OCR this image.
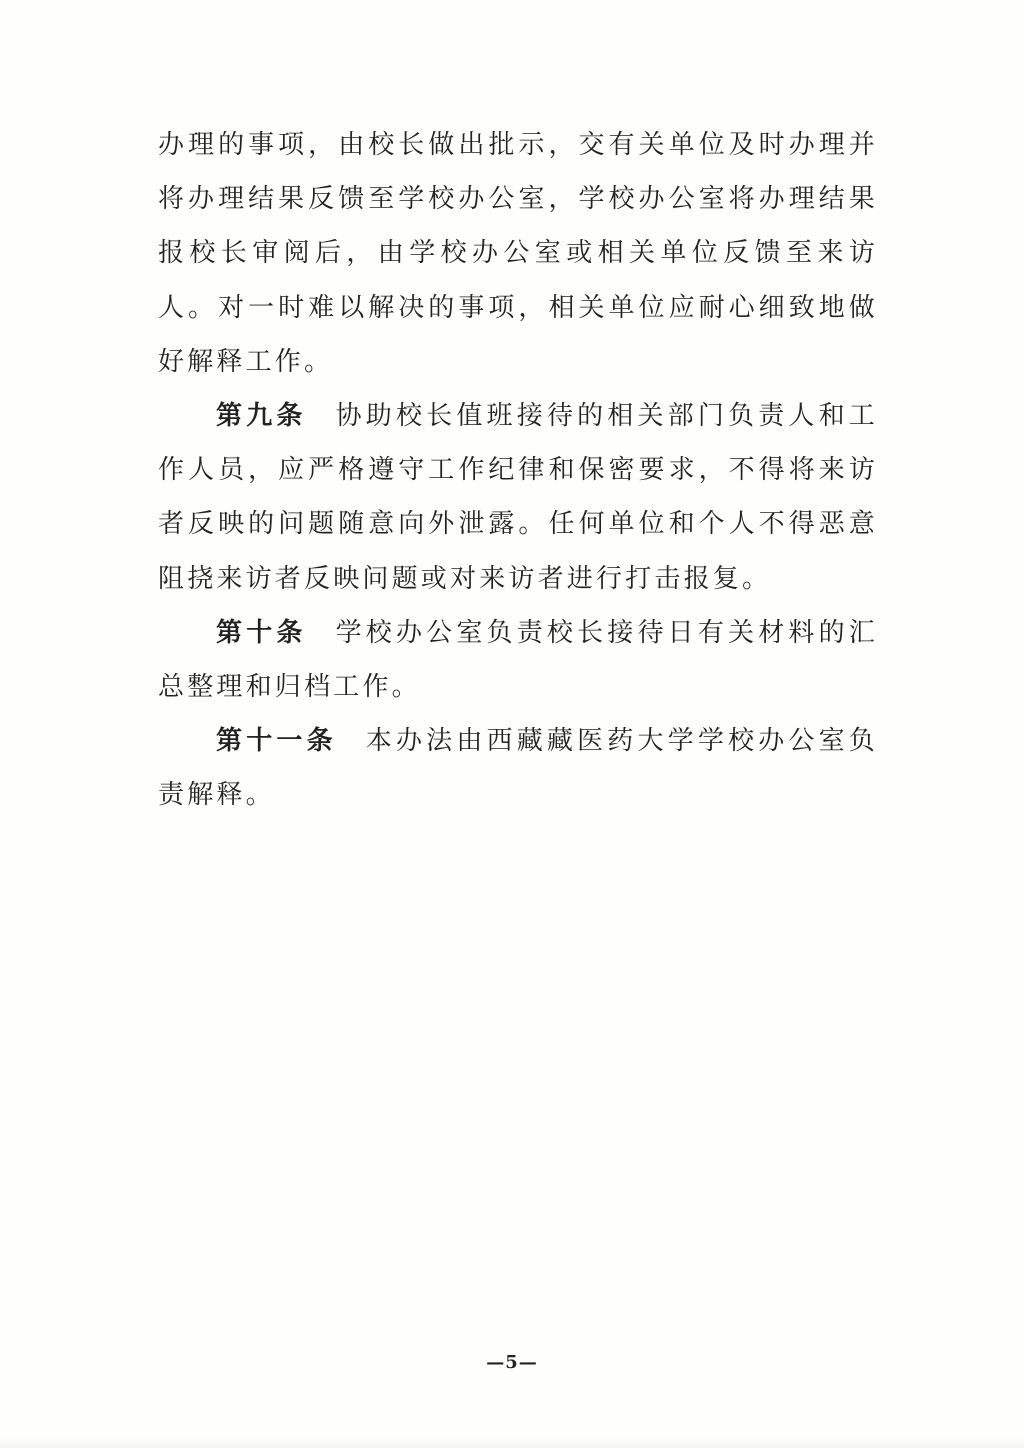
办理的事项，由校长做出批示，交有关单位及时办理并将办理结果反馈至学校办公室，学校办公室将办理结果报校长审阅后，由学校办公室或相关单位反馈至来访人。对一时难以解决的事项，相关单位应耐心细致地做好解释工作。

第九条 协助校长值班接待的相关部门负责人和工作人员，应严格遵守工作纪律和保密要求，不得将来访者反映的问题随意向外泄露。任何单位和个人不得恶意阻挠来访者反映问题或对来访者进行打击报复。

第十条 学校办公室负责校长接待日有关材料的汇总整理和归档工作。

第十一条 本办法由西藏藏医药大学学校办公室负责解释。

—5—
